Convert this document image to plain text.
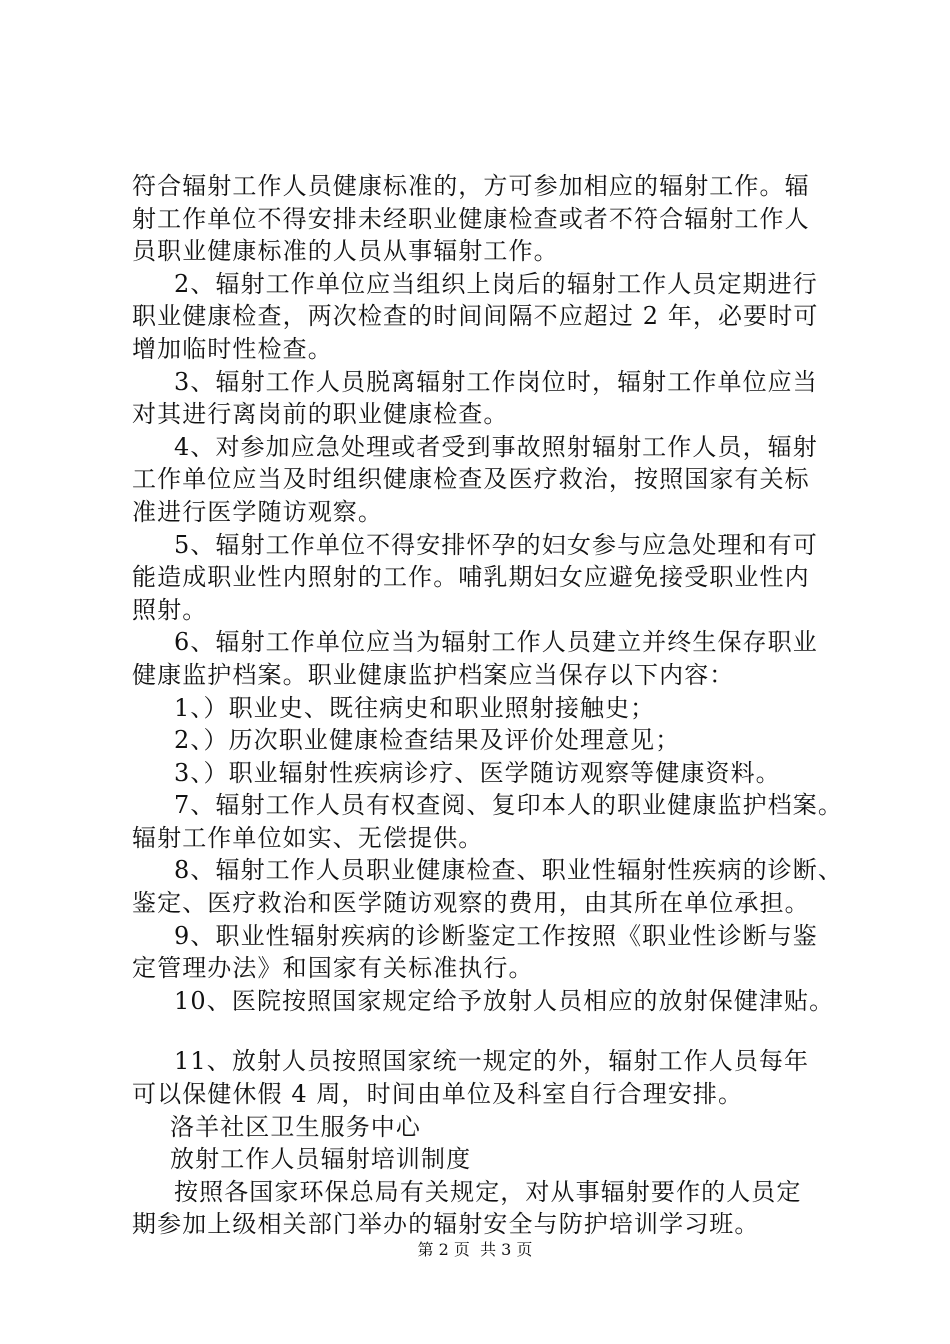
符合辐射工作人员健康标准的，方可参加相应的辐射工作。辐
射工作单位不得安排未经职业健康检查或者不符合辐射工作人
员职业健康标准的人员从事辐射工作。
2、辐射工作单位应当组织上岗后的辐射工作人员定期进行
职业健康检查，两次检查的时间间隔不应超过 2 年，必要时可
增加临时性检查。
3、辐射工作人员脱离辐射工作岗位时，辐射工作单位应当
对其进行离岗前的职业健康检查。
4、对参加应急处理或者受到事故照射辐射工作人员，辐射
工作单位应当及时组织健康检查及医疗救治，按照国家有关标
准进行医学随访观察。
5、辐射工作单位不得安排怀孕的妇女参与应急处理和有可
能造成职业性内照射的工作。哺乳期妇女应避免接受职业性内
照射。
6、辐射工作单位应当为辐射工作人员建立并终生保存职业
健康监护档案。职业健康监护档案应当保存以下内容：
1、）职业史、既往病史和职业照射接触史；
2、）历次职业健康检查结果及评价处理意见；
3、）职业辐射性疾病诊疗、医学随访观察等健康资料。
7、辐射工作人员有权查阅、复印本人的职业健康监护档案。
辐射工作单位如实、无偿提供。
8、辐射工作人员职业健康检查、职业性辐射性疾病的诊断、
鉴定、医疗救治和医学随访观察的费用，由其所在单位承担。
9、职业性辐射疾病的诊断鉴定工作按照《职业性诊断与鉴
定管理办法》和国家有关标准执行。
10、医院按照国家规定给予放射人员相应的放射保健津贴。
11、放射人员按照国家统一规定的外，辐射工作人员每年
可以保健休假 4 周，时间由单位及科室自行合理安排。
洛羊社区卫生服务中心
放射工作人员辐射培训制度
按照各国家环保总局有关规定，对从事辐射要作的人员定
期参加上级相关部门举办的辐射安全与防护培训学习班。
第 2 页  共 3 页
